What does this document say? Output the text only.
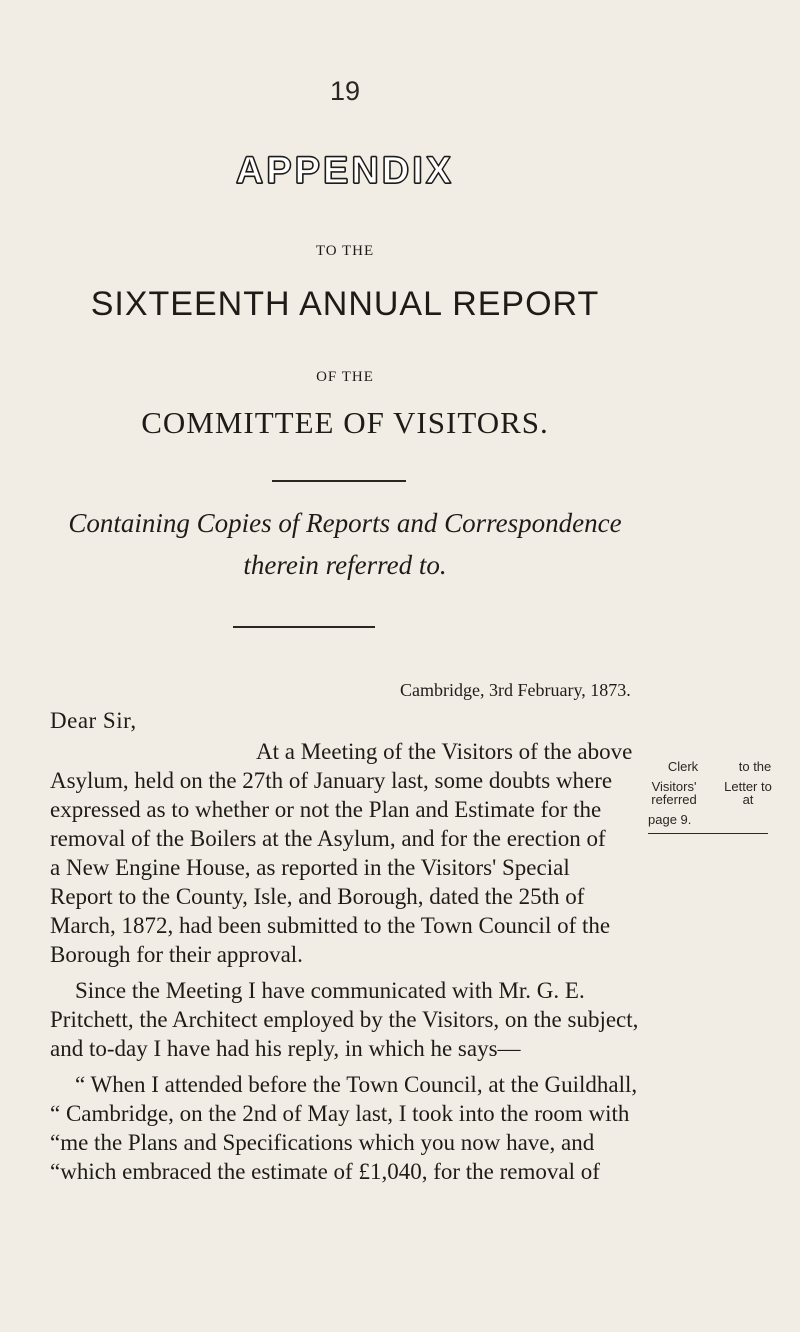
19
APPENDIX
TO THE
SIXTEENTH ANNUAL REPORT
OF THE
COMMITTEE OF VISITORS.
Containing Copies of Reports and Correspondence
therein referred to.
Cambridge, 3rd February, 1873.
Dear Sir,
Clerk	to the
Visitors' referred
Letter to at
page 9.
At a Meeting of the Visitors of the above
Asylum, held on the 27th of January last, some doubts where
expressed as to whether or not the Plan and Estimate for the
removal of the Boilers at the Asylum, and for the erection of
a New Engine House, as reported in the Visitors' Special
Report to the County, Isle, and Borough, dated the 25th of
March, 1872, had been submitted to the Town Council of the
Borough for their approval.
Since the Meeting I have communicated with Mr. G. E.
Pritchett, the Architect employed by the Visitors, on the subject,
and to-day I have had his reply, in which he says—
“ When I attended before the Town Council, at the Guildhall,
“ Cambridge, on the 2nd of May last, I took into the room with
“me the Plans and Specifications which you now have, and
“which embraced the estimate of £1,040, for the removal of
